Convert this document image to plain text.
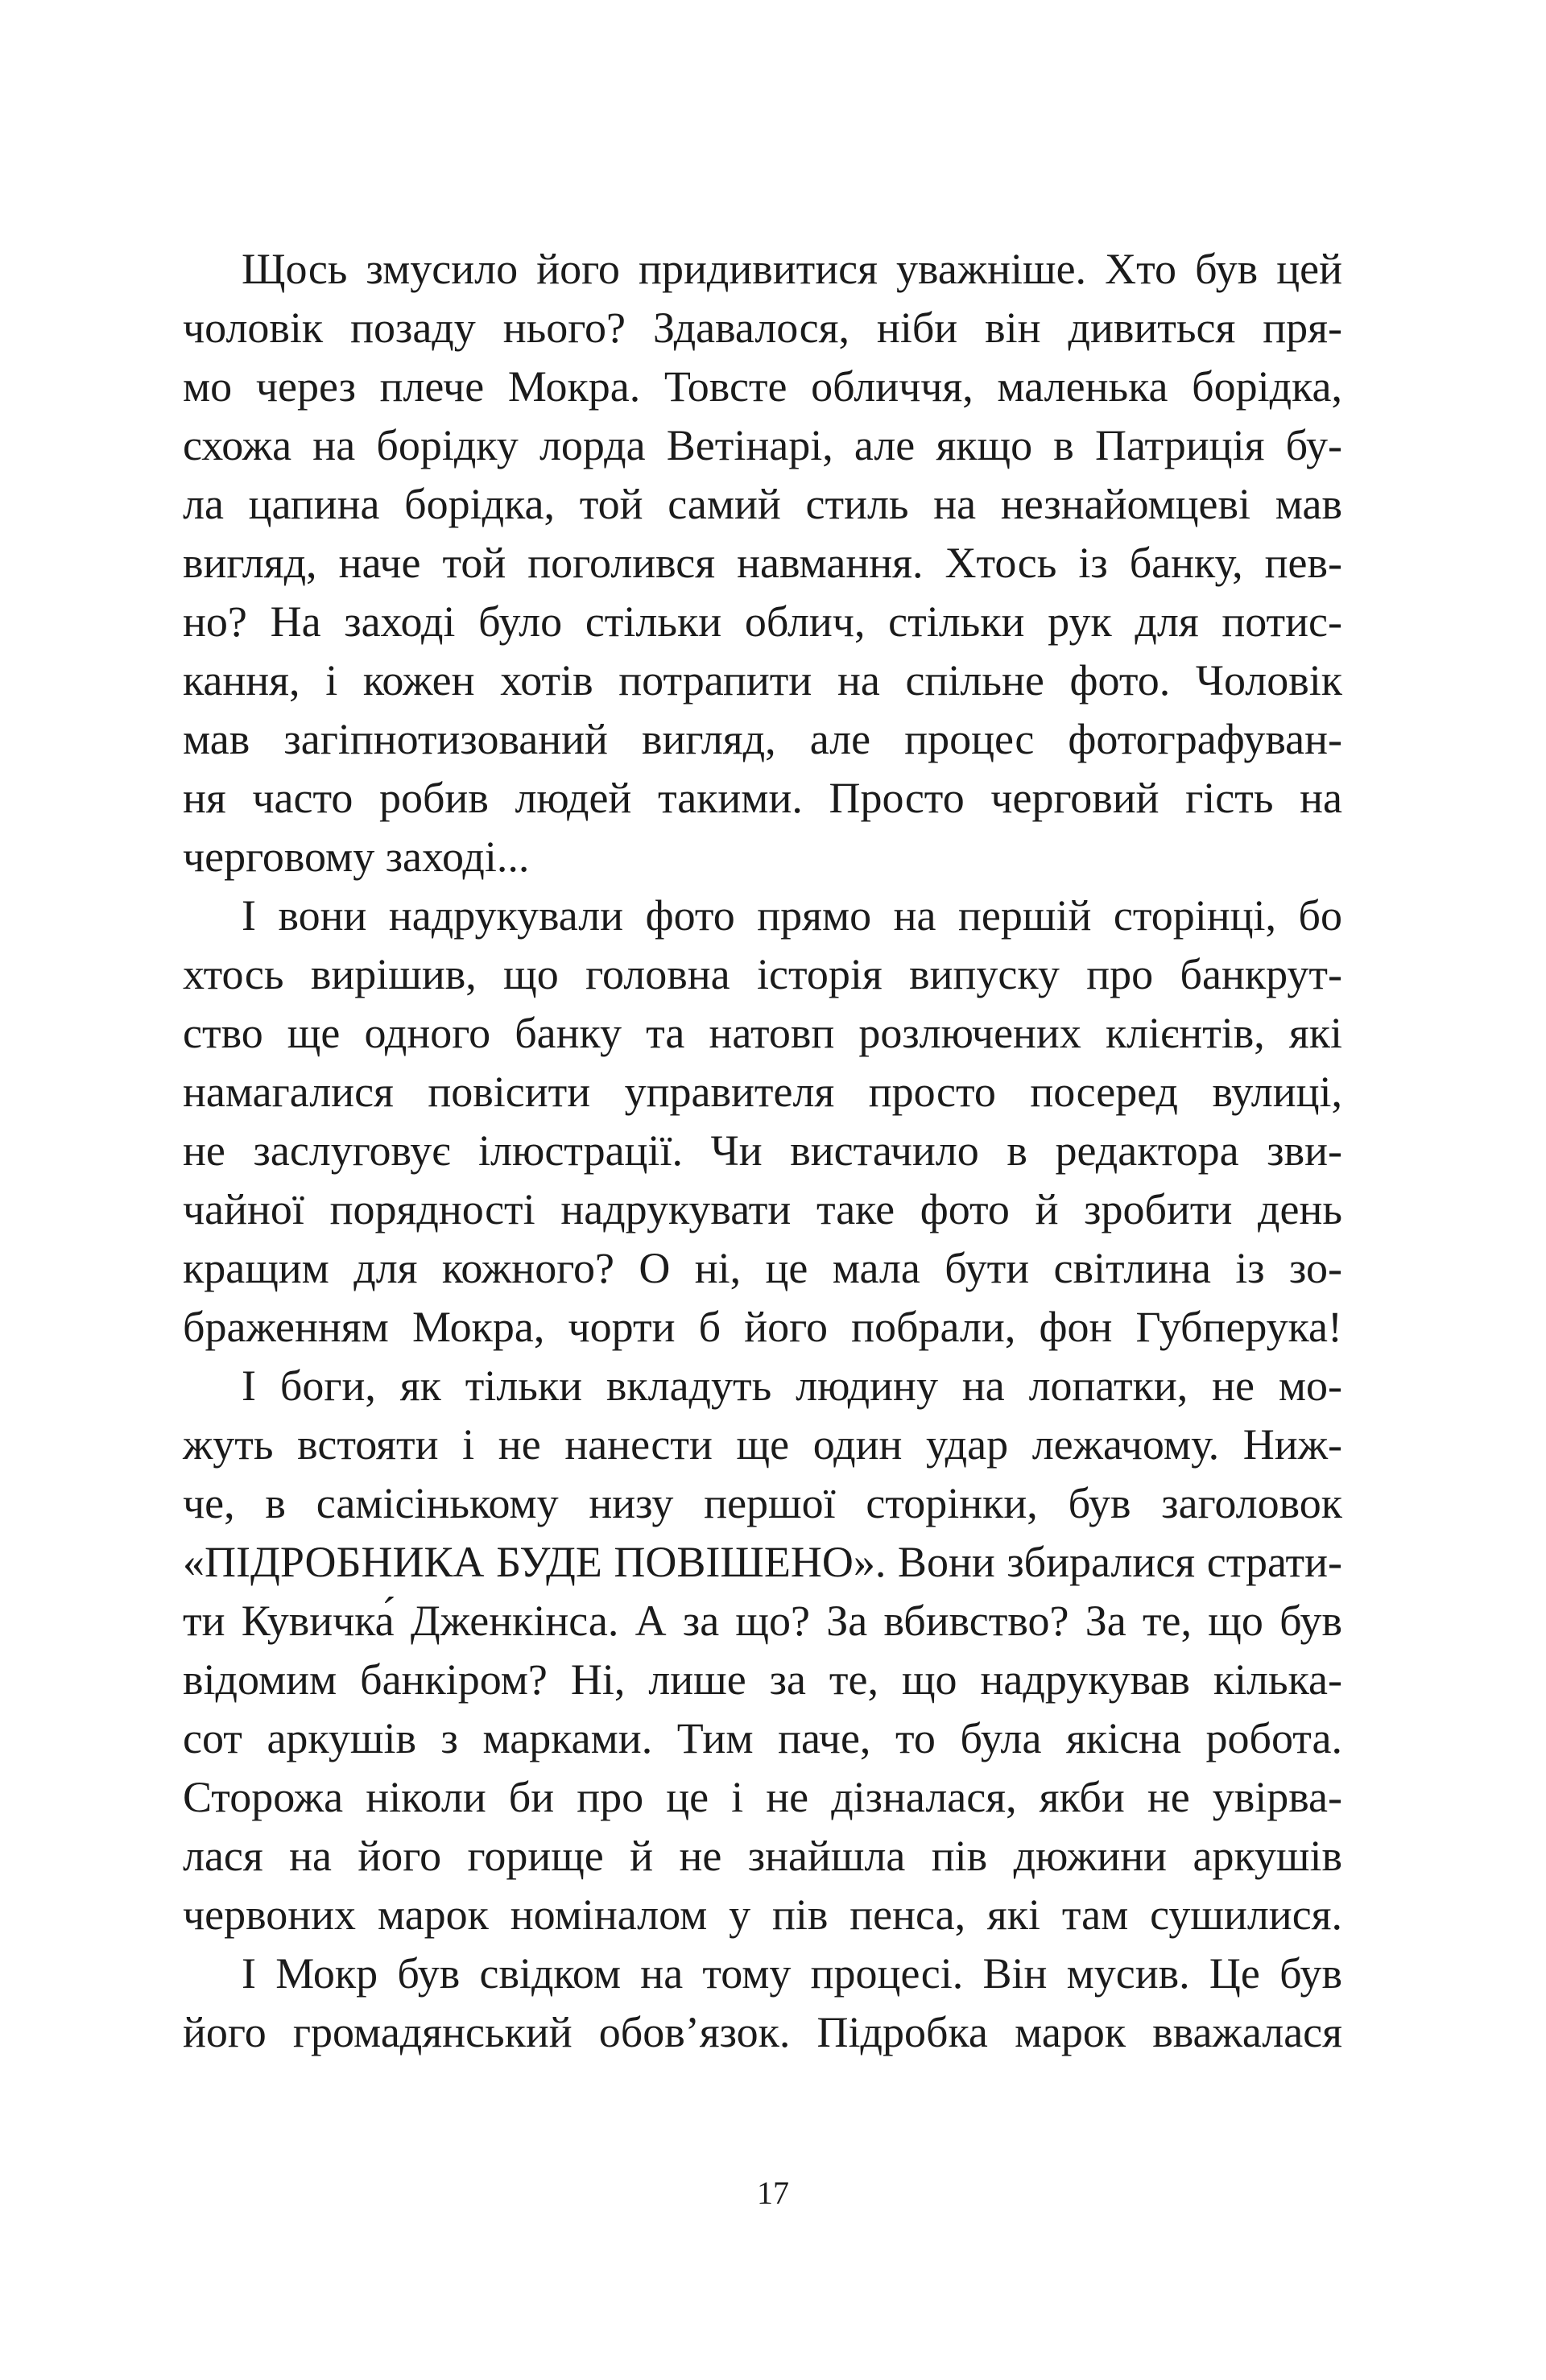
Щось змусило його придивитися уважніше. Хто був цей
чоловік позаду нього? Здавалося, ніби він дивиться пря-
мо через плече Мокра. Товсте обличчя, маленька борідка,
схожа на борідку лорда Ветінарі, але якщо в Патриція бу-
ла цапина борідка, той самий стиль на незнайомцеві мав
вигляд, наче той поголився навмання. Хтось із банку, пев-
но? На заході було стільки облич, стільки рук для потис-
кання, і кожен хотів потрапити на спільне фото. Чоловік
мав загіпнотизований вигляд, але процес фотографуван-
ня часто робив людей такими. Просто черговий гість на
черговому заході...
І вони надрукували фото прямо на першій сторінці, бо
хтось вирішив, що головна історія випуску про банкрут-
ство ще одного банку та натовп розлючених клієнтів, які
намагалися повісити управителя просто посеред вулиці,
не заслуговує ілюстрації. Чи вистачило в редактора зви-
чайної порядності надрукувати таке фото й зробити день
кращим для кожного? О ні, це мала бути світлина із зо-
браженням Мокра, чорти б його побрали, фон Губперука!
І боги, як тільки вкладуть людину на лопатки, не мо-
жуть встояти і не нанести ще один удар лежачому. Ниж-
че, в самісінькому низу першої сторінки, був заголовок
«ПІДРОБНИКА БУДЕ ПОВІШЕНО». Вони збиралися страти-
ти Кувичка́ Дженкінса. А за що? За вбивство? За те, що був
відомим банкіром? Ні, лише за те, що надрукував кілька-
сот аркушів з марками. Тим паче, то була якісна робота.
Сторожа ніколи би про це і не дізналася, якби не увірва-
лася на його горище й не знайшла пів дюжини аркушів
червоних марок номіналом у пів пенса, які там сушилися.
І Мокр був свідком на тому процесі. Він мусив. Це був
його громадянський обов’язок. Підробка марок вважалася
17
